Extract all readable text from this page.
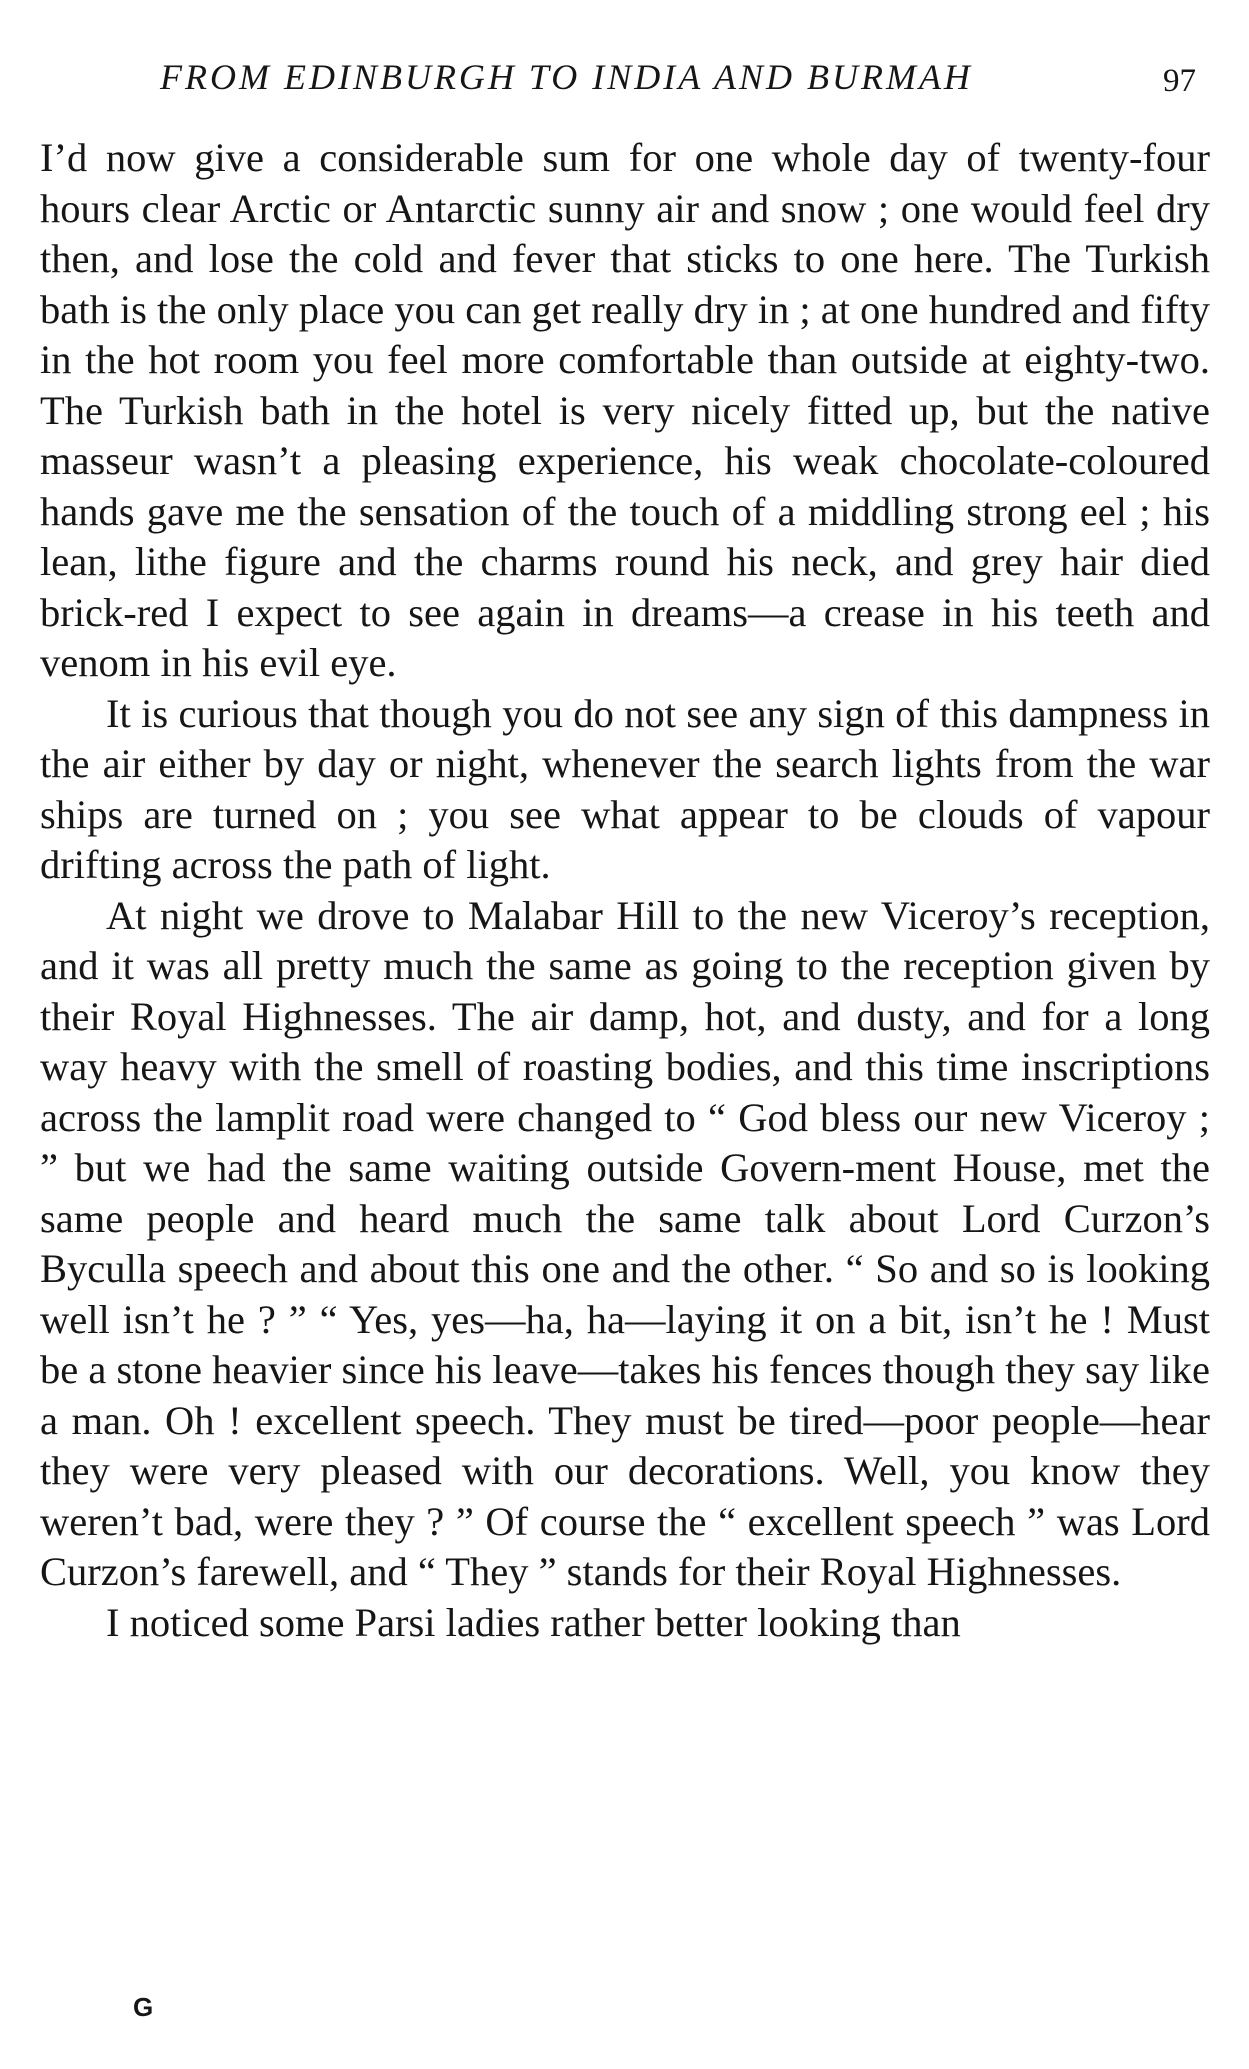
FROM EDINBURGH TO INDIA AND BURMAH	97

I’d now give a considerable sum for one whole day of twenty-four hours clear Arctic or Antarctic sunny air and snow ; one would feel dry then, and lose the cold and fever that sticks to one here. The Turkish bath is the only place you can get really dry in ; at one hundred and fifty in the hot room you feel more comfortable than outside at eighty-two. The Turkish bath in the hotel is very nicely fitted up, but the native masseur wasn’t a pleasing experience, his weak chocolate-coloured hands gave me the sensation of the touch of a middling strong eel ; his lean, lithe figure and the charms round his neck, and grey hair died brick-red I expect to see again in dreams—a crease in his teeth and venom in his evil eye.

It is curious that though you do not see any sign of this dampness in the air either by day or night, whenever the search lights from the war ships are turned on ; you see what appear to be clouds of vapour drifting across the path of light.

At night we drove to Malabar Hill to the new Viceroy’s reception, and it was all pretty much the same as going to the reception given by their Royal Highnesses. The air damp, hot, and dusty, and for a long way heavy with the smell of roasting bodies, and this time inscriptions across the lamplit road were changed to “ God bless our new Viceroy ; ” but we had the same waiting outside Govern-ment House, met the same people and heard much the same talk about Lord Curzon’s Byculla speech and about this one and the other. “ So and so is looking well isn’t he ? ” “ Yes, yes—ha, ha—laying it on a bit, isn’t he ! Must be a stone heavier since his leave—takes his fences though they say like a man. Oh ! excellent speech. They must be tired—poor people—hear they were very pleased with our decorations. Well, you know they weren’t bad, were they ? ” Of course the “ excellent speech ” was Lord Curzon’s farewell, and “ They ” stands for their Royal Highnesses.

I noticed some Parsi ladies rather better looking than

G
